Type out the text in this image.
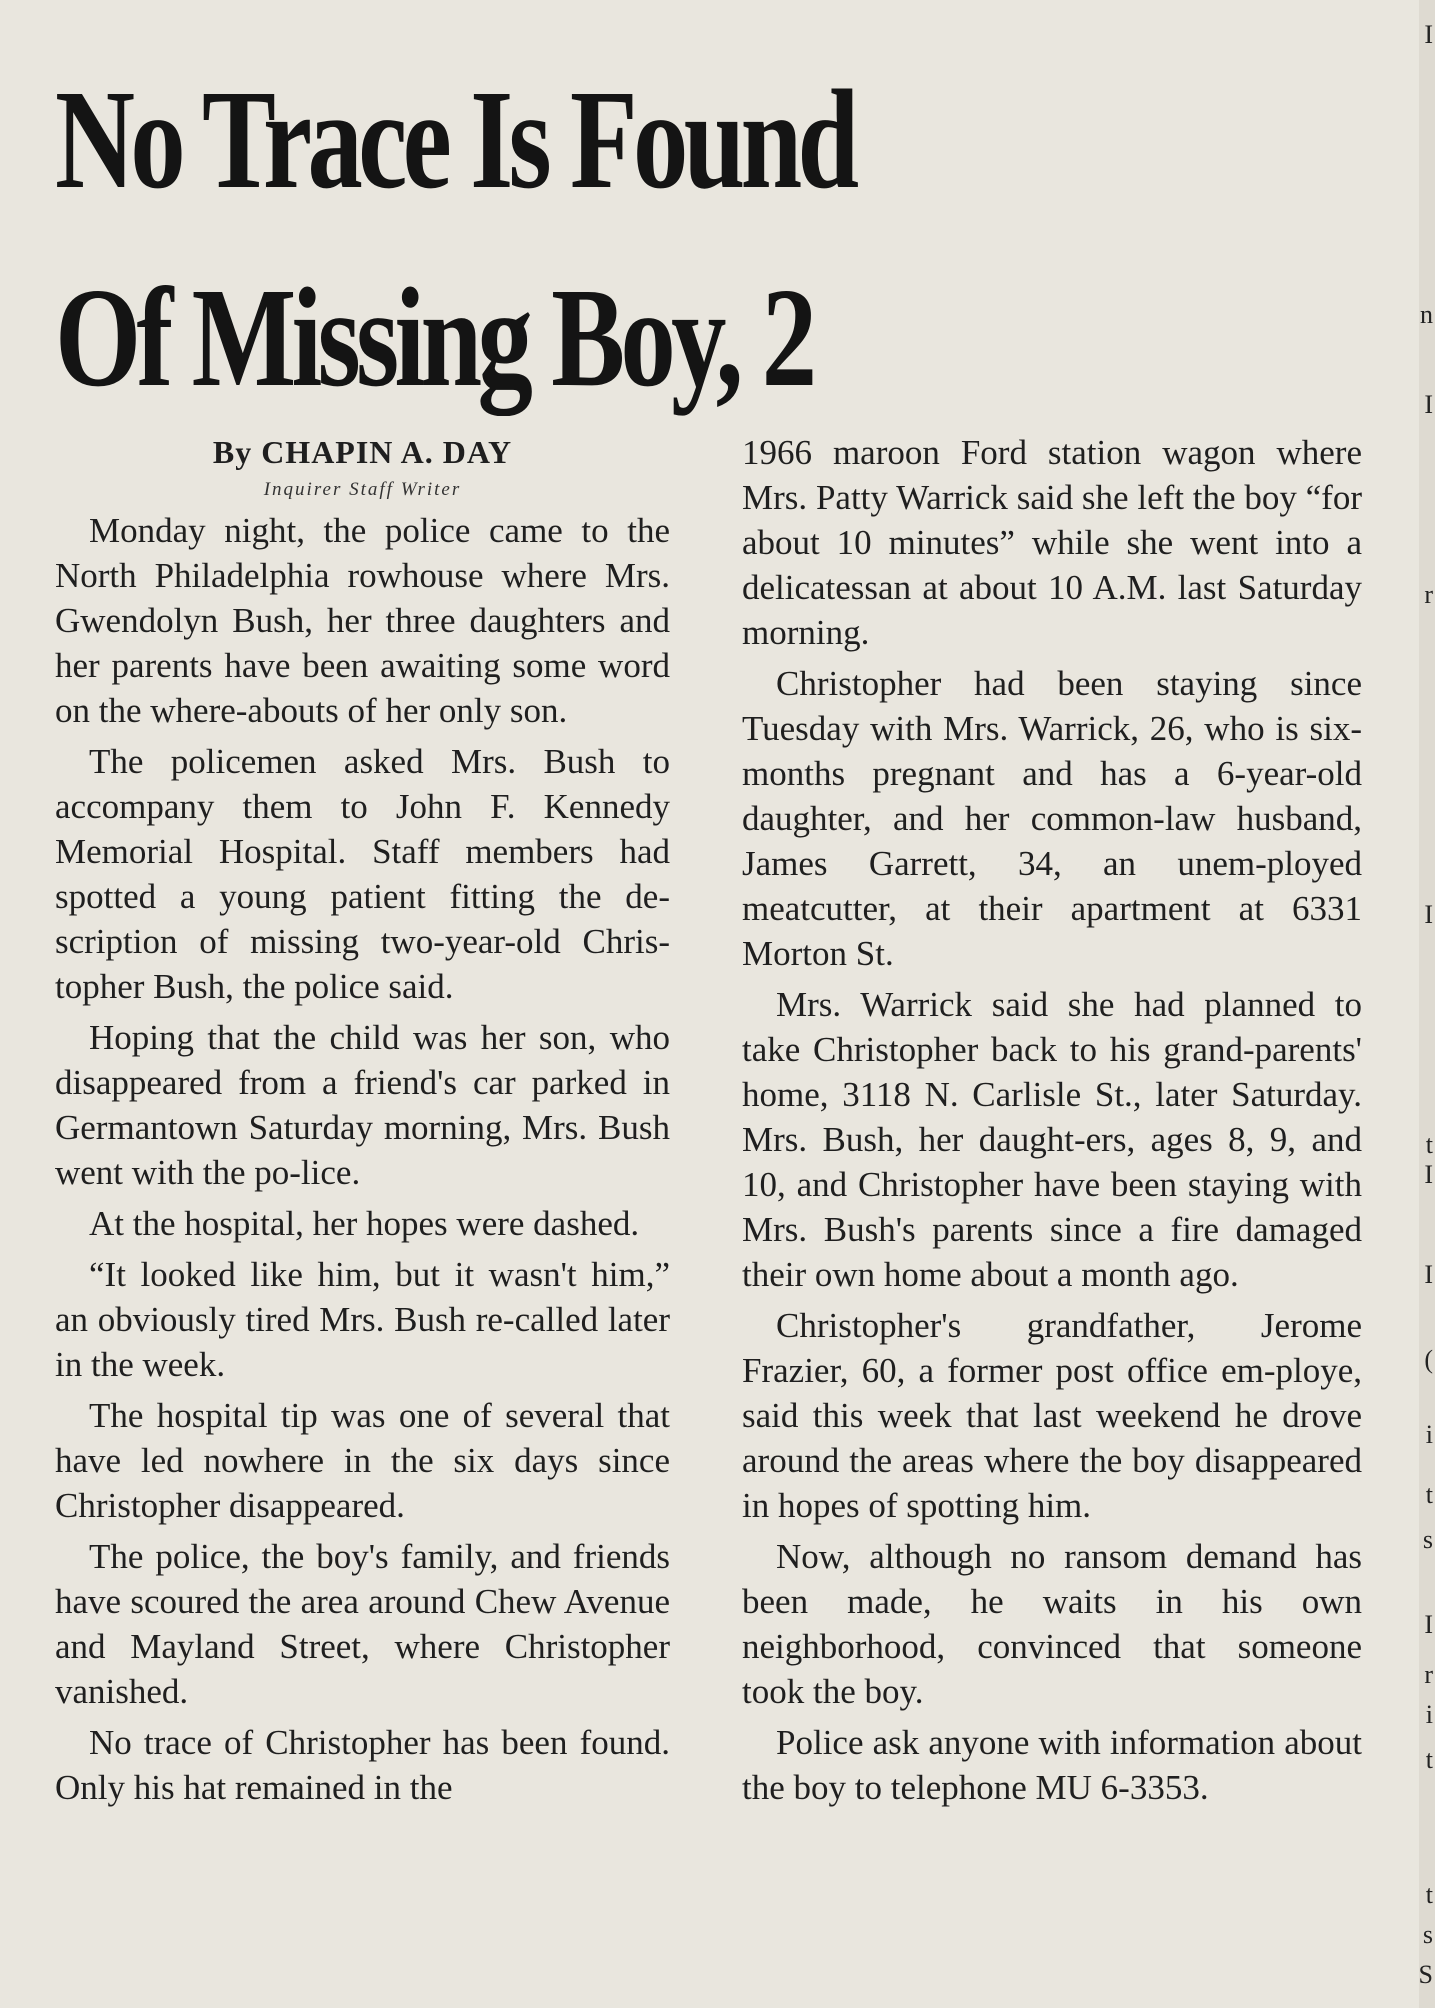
No Trace Is Found
Of Missing Boy, 2

By CHAPIN A. DAY

Inquirer Staff Writer

Monday night, the police came to the North Philadelphia rowhouse where Mrs. Gwendolyn Bush, her three daughters and her parents have been awaiting some word on the where-abouts of her only son.

The policemen asked Mrs. Bush to accompany them to John F. Kennedy Memorial Hospital. Staff members had spotted a young patient fitting the de-scription of missing two-year-old Chris-topher Bush, the police said.

Hoping that the child was her son, who disappeared from a friend's car parked in Germantown Saturday morning, Mrs. Bush went with the po-lice.

At the hospital, her hopes were dashed.

“It looked like him, but it wasn't him,” an obviously tired Mrs. Bush re-called later in the week.

The hospital tip was one of several that have led nowhere in the six days since Christopher disappeared.

The police, the boy's family, and friends have scoured the area around Chew Avenue and Mayland Street, where Christopher vanished.

No trace of Christopher has been found. Only his hat remained in the

1966 maroon Ford station wagon where Mrs. Patty Warrick said she left the boy “for about 10 minutes” while she went into a delicatessan at about 10 A.M. last Saturday morning.

Christopher had been staying since Tuesday with Mrs. Warrick, 26, who is six-months pregnant and has a 6-year-old daughter, and her common-law husband, James Garrett, 34, an unem-ployed meatcutter, at their apartment at 6331 Morton St.

Mrs. Warrick said she had planned to take Christopher back to his grand-parents' home, 3118 N. Carlisle St., later Saturday. Mrs. Bush, her daught-ers, ages 8, 9, and 10, and Christopher have been staying with Mrs. Bush's parents since a fire damaged their own home about a month ago.

Christopher's grandfather, Jerome Frazier, 60, a former post office em-ploye, said this week that last weekend he drove around the areas where the boy disappeared in hopes of spotting him.

Now, although no ransom demand has been made, he waits in his own neighborhood, convinced that someone took the boy.

Police ask anyone with information about the boy to telephone MU 6-3353.

I
n
I
r
I
t
I
I
(
i
t
s
I
r
i
t
t
s
S
